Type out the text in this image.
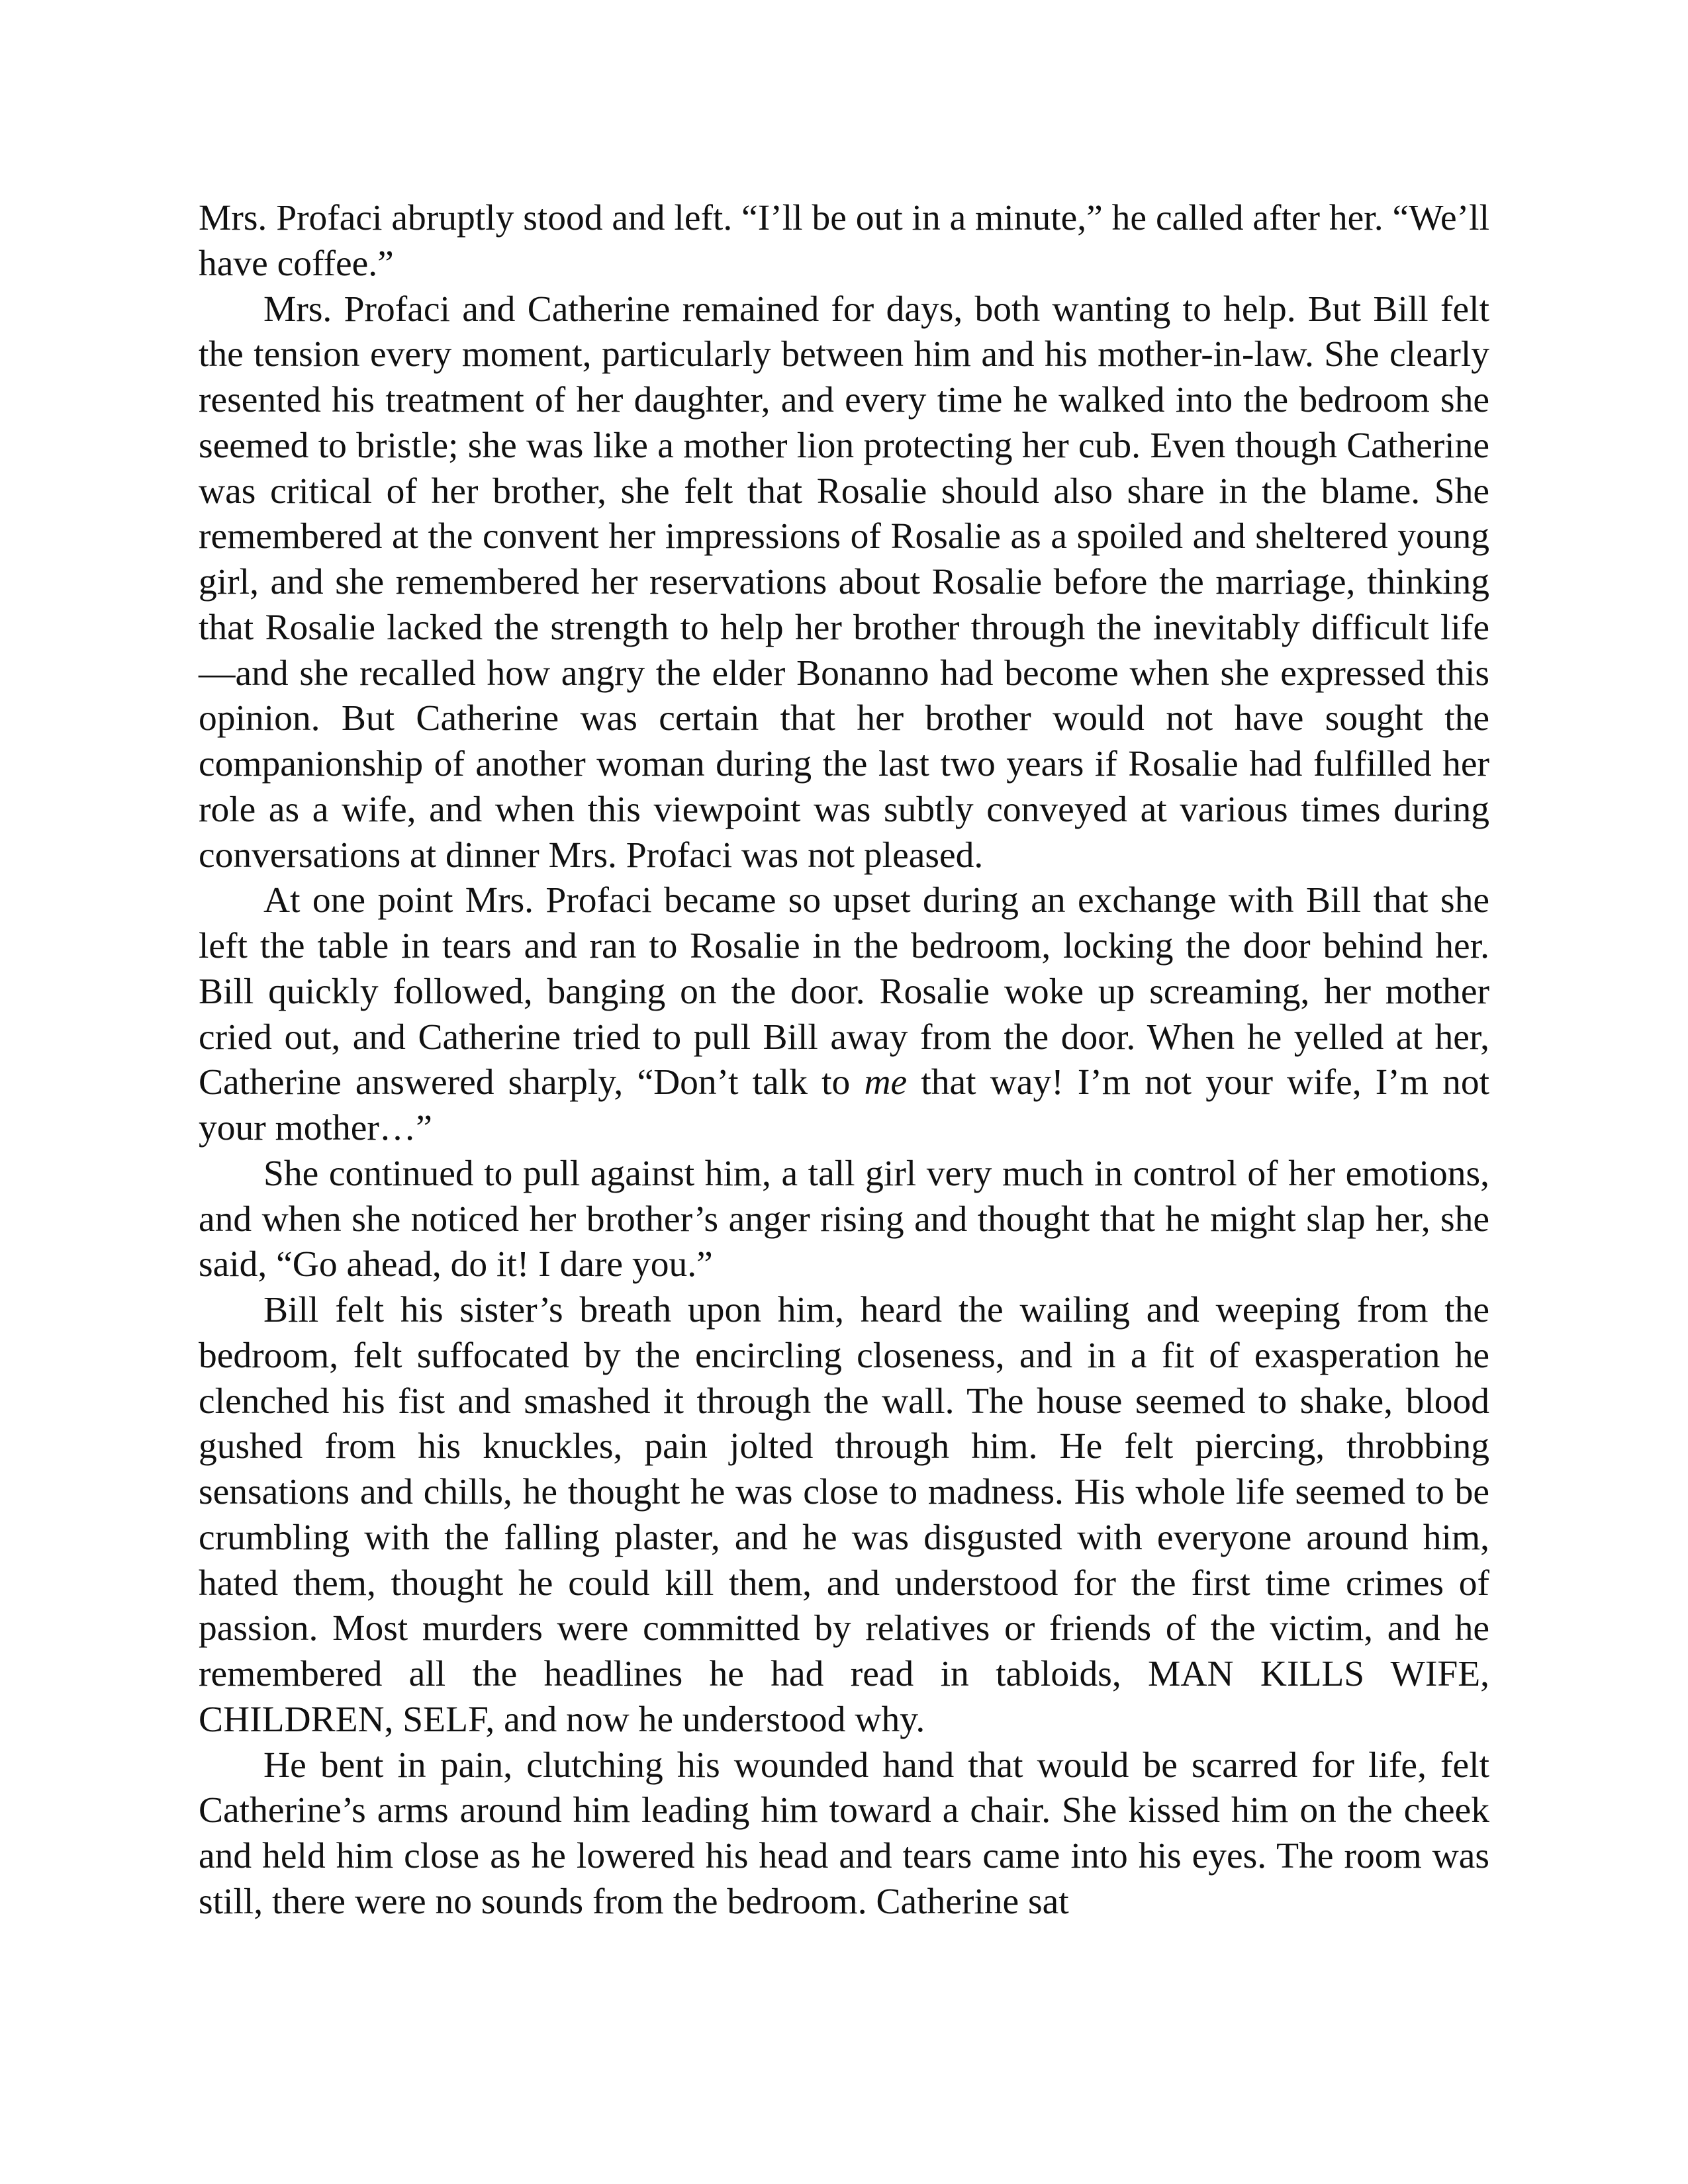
Mrs. Profaci abruptly stood and left. “I’ll be out in a minute,” he called after her. “We’ll have coffee.”

Mrs. Profaci and Catherine remained for days, both wanting to help. But Bill felt the tension every moment, particularly between him and his mother-in-law. She clearly resented his treatment of her daughter, and every time he walked into the bedroom she seemed to bristle; she was like a mother lion protecting her cub. Even though Catherine was critical of her brother, she felt that Rosalie should also share in the blame. She remembered at the convent her impressions of Rosalie as a spoiled and sheltered young girl, and she remembered her reservations about Rosalie before the marriage, thinking that Rosalie lacked the strength to help her brother through the inevitably difficult life—and she recalled how angry the elder Bonanno had become when she expressed this opinion. But Catherine was certain that her brother would not have sought the companionship of another woman during the last two years if Rosalie had fulfilled her role as a wife, and when this viewpoint was subtly conveyed at various times during conversations at dinner Mrs. Profaci was not pleased.

At one point Mrs. Profaci became so upset during an exchange with Bill that she left the table in tears and ran to Rosalie in the bedroom, locking the door behind her. Bill quickly followed, banging on the door. Rosalie woke up screaming, her mother cried out, and Catherine tried to pull Bill away from the door. When he yelled at her, Catherine answered sharply, “Don’t talk to me that way! I’m not your wife, I’m not your mother…”

She continued to pull against him, a tall girl very much in control of her emotions, and when she noticed her brother’s anger rising and thought that he might slap her, she said, “Go ahead, do it! I dare you.”

Bill felt his sister’s breath upon him, heard the wailing and weeping from the bedroom, felt suffocated by the encircling closeness, and in a fit of exasperation he clenched his fist and smashed it through the wall. The house seemed to shake, blood gushed from his knuckles, pain jolted through him. He felt piercing, throbbing sensations and chills, he thought he was close to madness. His whole life seemed to be crumbling with the falling plaster, and he was disgusted with everyone around him, hated them, thought he could kill them, and understood for the first time crimes of passion. Most murders were committed by relatives or friends of the victim, and he remembered all the headlines he had read in tabloids, MAN KILLS WIFE, CHILDREN, SELF, and now he understood why.

He bent in pain, clutching his wounded hand that would be scarred for life, felt Catherine’s arms around him leading him toward a chair. She kissed him on the cheek and held him close as he lowered his head and tears came into his eyes. The room was still, there were no sounds from the bedroom. Catherine sat
